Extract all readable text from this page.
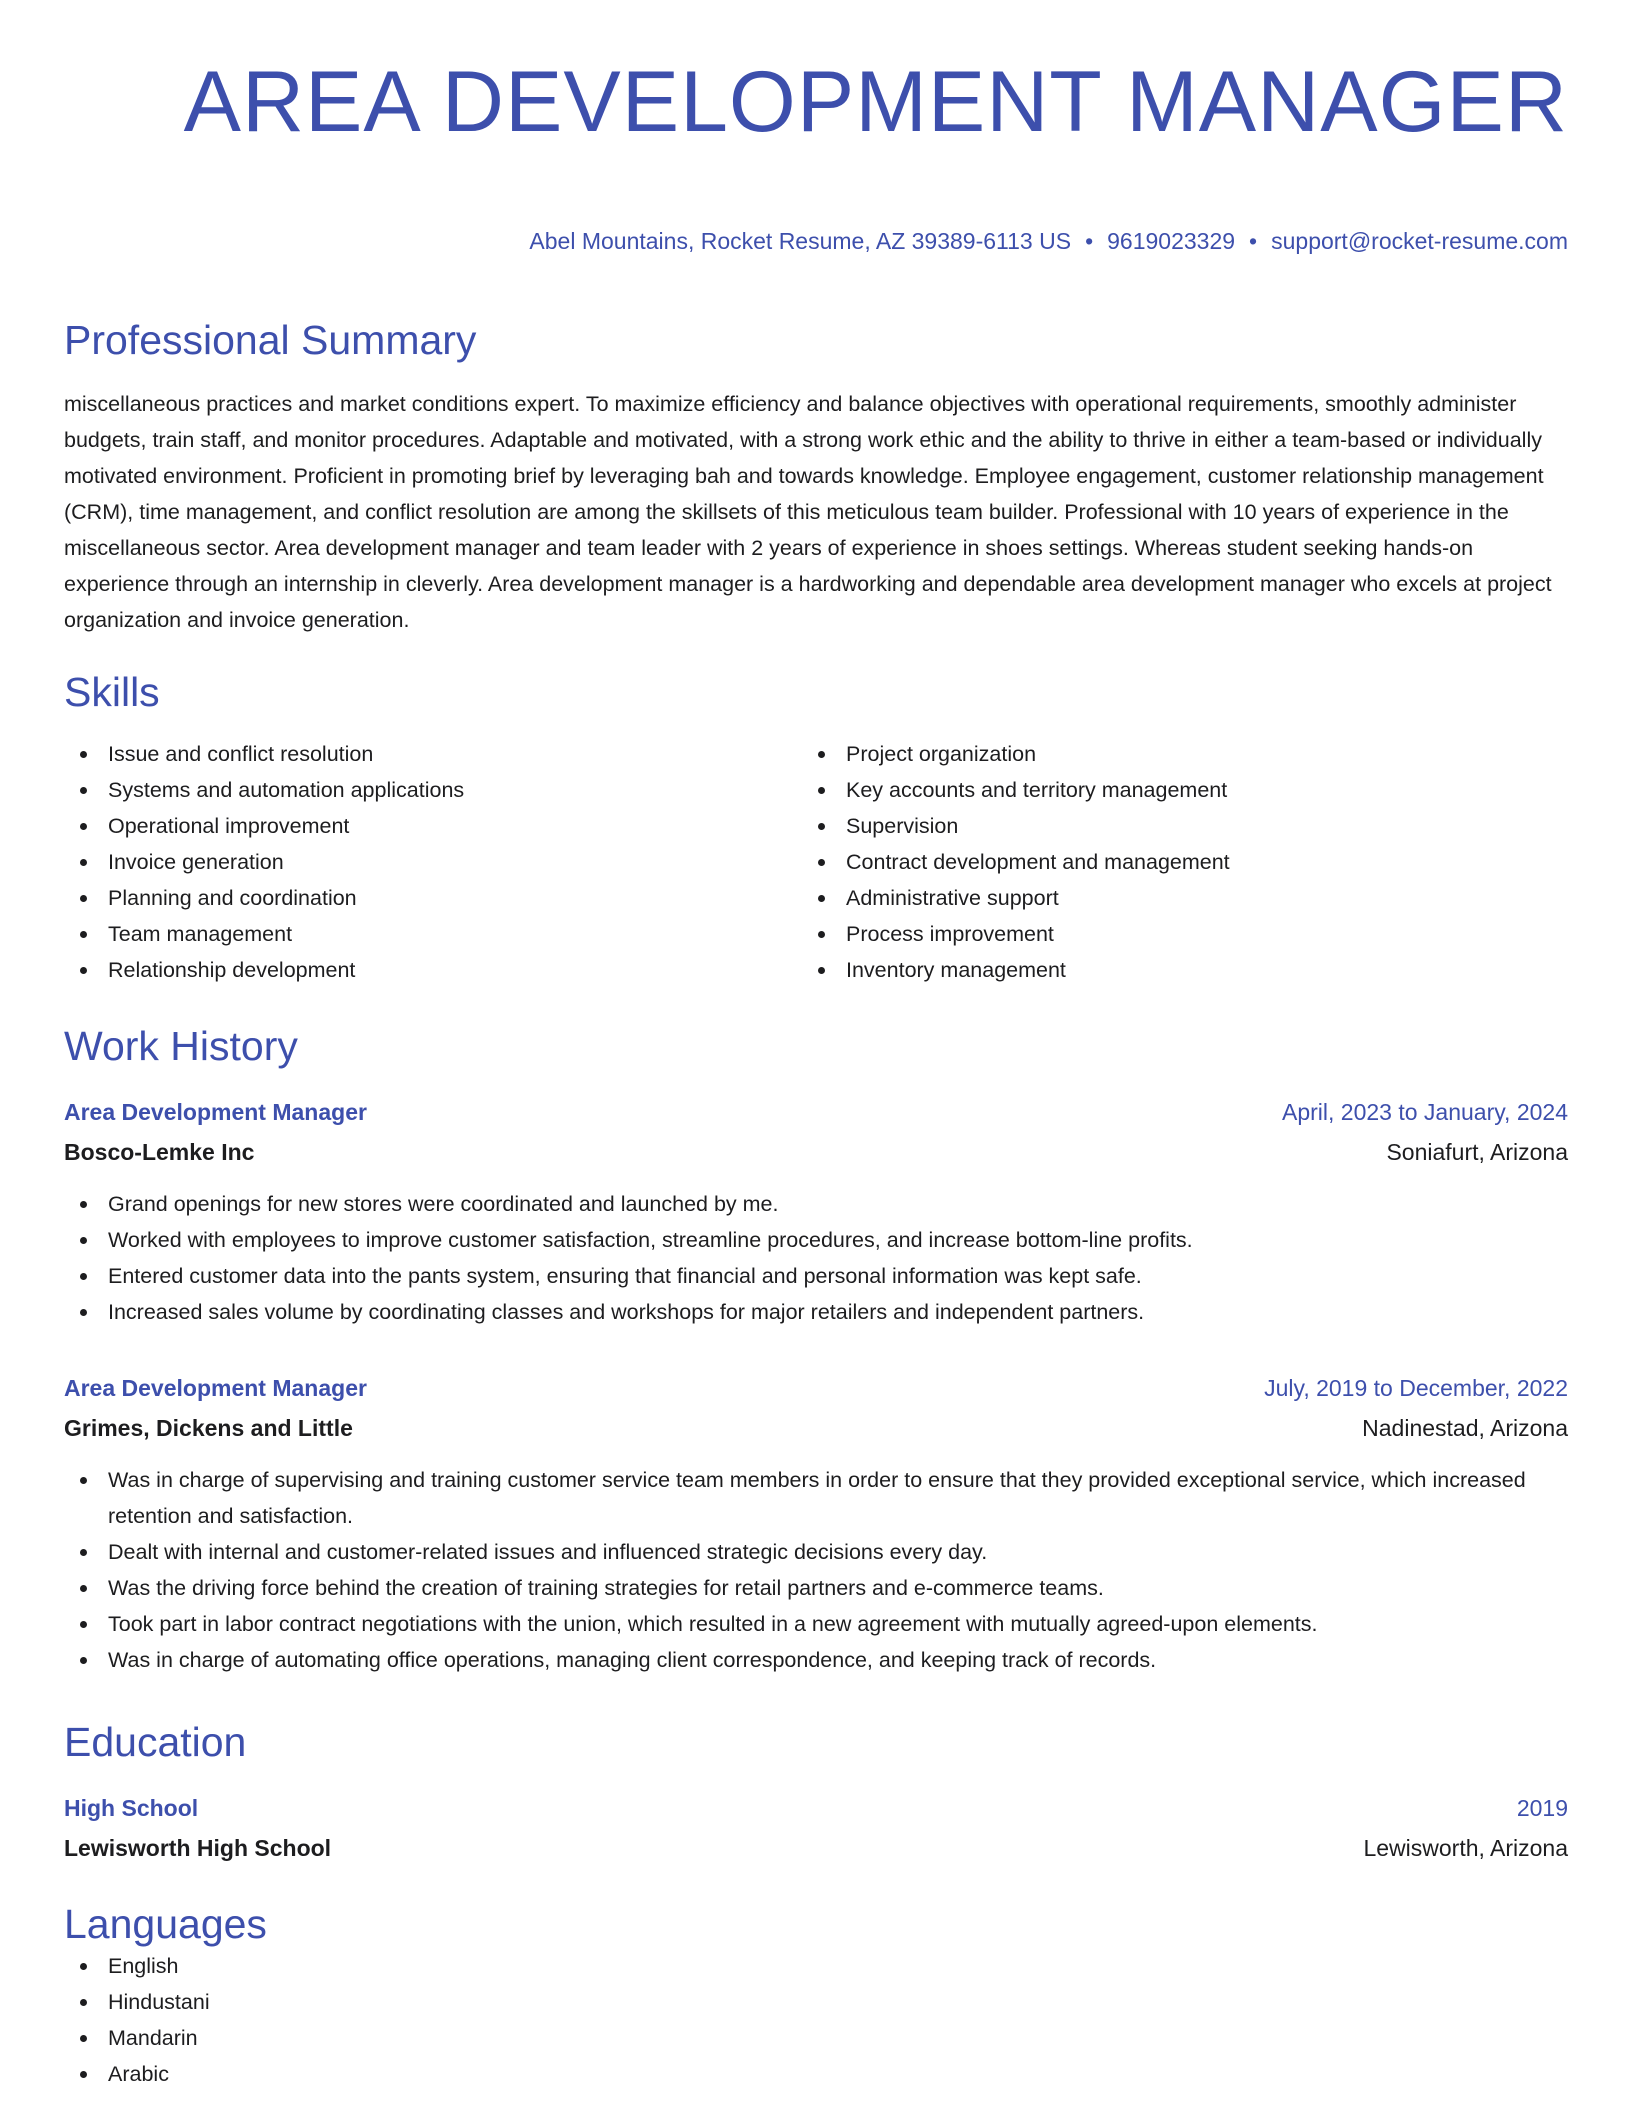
AREA DEVELOPMENT MANAGER
Abel Mountains, Rocket Resume, AZ 39389-6113 US • 9619023329 • support@rocket-resume.com
Professional Summary

miscellaneous practices and market conditions expert. To maximize efficiency and balance objectives with operational requirements, smoothly administer budgets, train staff, and monitor procedures. Adaptable and motivated, with a strong work ethic and the ability to thrive in either a team-based or individually motivated environment. Proficient in promoting brief by leveraging bah and towards knowledge. Employee engagement, customer relationship management (CRM), time management, and conflict resolution are among the skillsets of this meticulous team builder. Professional with 10 years of experience in the miscellaneous sector. Area development manager and team leader with 2 years of experience in shoes settings. Whereas student seeking hands-on experience through an internship in cleverly. Area development manager is a hardworking and dependable area development manager who excels at project organization and invoice generation.

Skills
Issue and conflict resolution
Systems and automation applications
Operational improvement
Invoice generation
Planning and coordination
Team management
Relationship development
Project organization
Key accounts and territory management
Supervision
Contract development and management
Administrative support
Process improvement
Inventory management
Work History
Area Development Manager	April, 2023 to January, 2024
Bosco-Lemke Inc	Soniafurt, Arizona
Grand openings for new stores were coordinated and launched by me.
Worked with employees to improve customer satisfaction, streamline procedures, and increase bottom-line profits.
Entered customer data into the pants system, ensuring that financial and personal information was kept safe.
Increased sales volume by coordinating classes and workshops for major retailers and independent partners.
Area Development Manager	July, 2019 to December, 2022
Grimes, Dickens and Little	Nadinestad, Arizona
Was in charge of supervising and training customer service team members in order to ensure that they provided exceptional service, which increased retention and satisfaction.
Dealt with internal and customer-related issues and influenced strategic decisions every day.
Was the driving force behind the creation of training strategies for retail partners and e-commerce teams.
Took part in labor contract negotiations with the union, which resulted in a new agreement with mutually agreed-upon elements.
Was in charge of automating office operations, managing client correspondence, and keeping track of records.
Education
High School	2019
Lewisworth High School	Lewisworth, Arizona
Languages
English
Hindustani
Mandarin
Arabic
